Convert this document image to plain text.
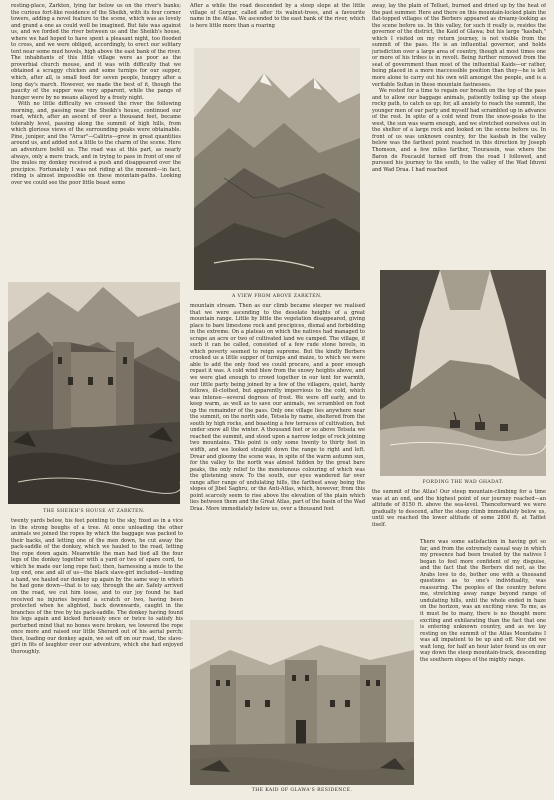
resting-place, Zarkten, lying far below us on the river's banks; the curious fort-like residence of the Sheikh, with its four corner towers, adding a novel feature to the scene, which was as lovely and grand a one as could well be imagined. But fate was against us, and we forded the river between us and the Sheikh's house, where we had hoped to have spent a pleasant night, too flooded to cross, and we were obliged, accordingly, to erect our solitary tent near some mud hovels, high above the east bank of the river. The inhabitants of this little village were as poor as the proverbial church mouse, and it was with difficulty that we obtained a scraggy chicken and some turnips for our supper, which, after all, is small feed for seven people, hungry after a long day's march. However, we made the best of it, though the paucity of the supper was very apparent, while the pangs of hunger were by no means allayed by a frosty night.

With no little difficulty we crossed the river the following morning, and, passing near the Sheikh's house, continued our road, which, after an ascent of over a thousand feet, became tolerably level, passing along the summit of high hills, from which glorious views of the surrounding peaks were obtainable. Pine, juniper, and the "Arrar"—Calitris—grew in great quantities around us, and added not a little to the charm of the scene. Here an adventure befell us. The road was at this part, as nearly always, only a mere track, and in trying to pass in front of one of the mules my donkey received a push and disappeared over the precipice. Fortunately I was not riding at the moment—in fact, riding is almost impossible on these mountain-paths. Looking over we could see the poor little beast some

THE SHEIKH'S HOUSE AT ZARKTEN.

twenty yards below, his feet pointing to the sky, fixed as in a vice in the strong boughs of a tree. At once unloading the other animals we joined the ropes by which the baggage was packed to their backs, and letting one of the men down, he cut away the pack-saddle of the donkey, which we hauled to the road, letting the rope down again. Meanwhile the man had tied all the four legs of the donkey together with a yard or two of spare cord, to which he made our long rope fast; then, harnessing a mule to the top end, one and all of us—the black slave-girl included—lending a hand, we hauled our donkey up again by the same way in which he had gone down—that is to say, through the air. Safely arrived on the road, we cut him loose, and to our joy found he had received no injuries beyond a scratch or two, having been protected when he alighted, back downwards, caught in the branches of the tree by his pack-saddle. The donkey having found his legs again and kicked furiously once or twice to satisfy his perturbed mind that no bones were broken, we lowered the rope once more and raised our little Sherard out of his aerial perch; then, loading our donkey again, we set off on our road, the slave-girl in fits of laughter over our adventure, which she had enjoyed thoroughly.

After a while the road descended by a steep slope at the little village of Gurgar, called after its walnut-trees, and a favourite name in the Atlas. We ascended to the east bank of the river, which is here little more than a roaring

A VIEW FROM ABOVE ZARKTEN.

mountain stream. Then as our climb became steeper we realised that we were ascending to the desolate heights of a great mountain range. Little by little the vegetation disappeared, giving place to bare limestone rock and precipices, dismal and forbidding in the extreme. On a plateau on which the natives had managed to scrape an acre or two of cultivated land we camped. The village, if such it can be called, consisted of a few rude stone hovels, in which poverty seemed to reign supreme. But the kindly Berbers crooked us a little supper of turnips and maize, to which we were able to add the only food we could procure, and a poor enough repast it was. A cold wind blew from the snowy heights above, and we were glad enough to crowd together in our tent for warmth, our little party being joined by a few of the villagers, quiet, hardy fellows, ill-clothed, but apparently impervious to the cold, which was intense—several degrees of frost. We were off early, and to keep warm, as well as to save our animals, we scrambled on foot up the remainder of the pass. Only one village lies anywhere near the summit, on the north side, Tetsela by name, sheltered from the south by high rocks, and boasting a few terraces of cultivation, but under snow all the winter. A thousand feet or so above Tetsela we reached the summit, and stood upon a narrow ledge of rock joining two mountains. This point is only some twenty to thirty feet in width, and we looked straight down the range to right and left. Drear and gloomy the scene was, in spite of the warm autumn sun, for the valley to the north was almost hidden by the great bare peaks, the only relief to the monotonous colouring of which was the glistening snow. To the south, our eyes wandered far over range after range of undulating hills, the farthest away being the slopes of Jibel Saghru, or the Anti-Atlas, which, however, from this point scarcely seem to rise above the elevation of the plain which lies between them and the Great Atlas, part of the basin of the Wad Draa. More immediately below us, over a thousand feet

away, lay the plain of Telluet, burned and dried up by the heat of the past summer. Here and there on this mountain-locked plain the flat-topped villages of the Berbers appeared as dreamy-looking as the scene before us. In this valley, for such it really is, resides the governor of the district, the Kaid of Glawa; but his large "kasbah," which I visited on my return journey, is not visible from the summit of the pass. He is an influential governor, and holds jurisdiction over a large area of country, though at most times one or more of his tribes is in revolt. Being further removed from the seat of government than most of the influential Kaids—or rather, being placed in a more inaccessible position than they—he is left more alone to carry out his own will amongst the people, and is a veritable Sultan in these mountain fastnesses.

We rested for a time to regain our breath on the top of the pass and to allow our baggage animals, patiently toiling up the steep rocky path, to catch us up; for, all anxiety to reach the summit, the younger men of our party and myself had scrambled up in advance of the rest. In spite of a cold wind from the snow-peaks to the west, the sun was warm enough, and we stretched ourselves out in the shelter of a large rock and looked on the scene before us. In front of us was unknown country, for the kasbah in the valley below was the farthest point reached in this direction by Joseph Thomson, and a few miles farther, Tiourassin, was where the Baron de Foucauld turned off from the road I followed, and pursued his journey to the south, to the valley of the Wad Iduvni and Wad Draa. I had reached

FORDING THE WAD GHADAT.

the summit of the Atlas! Our steep mountain-climbing for a time was at an end, and the highest point of our journey reached—an altitude of 8150 ft. above the sea-level. Thenceforward we were gradually to descend, after the steep climb immediately below us, until we reached the lower altitude of some 2800 ft. at Tafilet itself.

THE KAID OF GLAWA'S RESIDENCE.

There was some satisfaction in having got so far, and from the extremely casual way in which my presence had been treated by the natives I began to feel more confident of my disguise, and the fact that the Berbers did not, as the Arabs love to do, bother one with a thousand questions as to one's individuality, was reassuring. The peoples of the country before me, stretching away range beyond range of undulating hills, until the whole ended in haze on the horizon, was an exciting view. To me, as it must be to many, there is no thought more exciting and exhilarating than the fact that one is entering unknown country, and as we lay resting on the summit of the Atlas Mountains I was all impatient to be up and off. Nor did we wait long, for half an hour later found us on our way down the steep mountain-track, descending the southern slopes of the mighty range.
